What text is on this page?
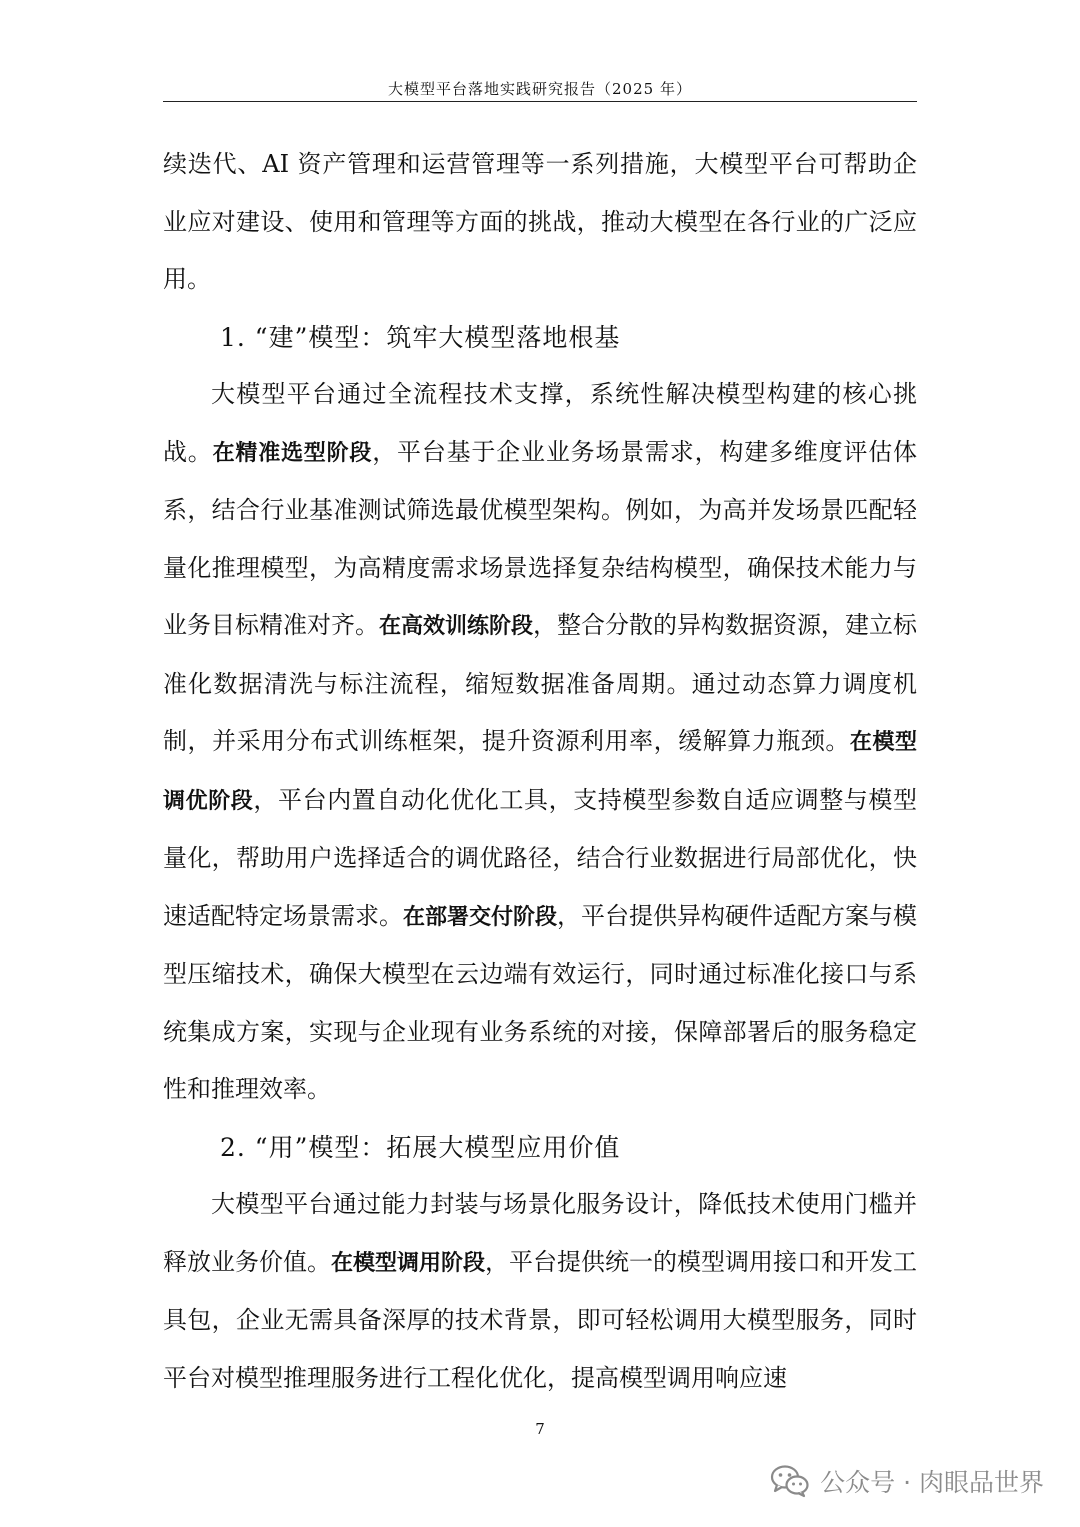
大模型平台落地实践研究报告（2025 年）

续迭代、AI 资产管理和运营管理等一系列措施，大模型平台可帮助企业应对建设、使用和管理等方面的挑战，推动大模型在各行业的广泛应用。

1. “建”模型：筑牢大模型落地根基

大模型平台通过全流程技术支撑，系统性解决模型构建的核心挑战。在精准选型阶段，平台基于企业业务场景需求，构建多维度评估体系，结合行业基准测试筛选最优模型架构。例如，为高并发场景匹配轻量化推理模型，为高精度需求场景选择复杂结构模型，确保技术能力与业务目标精准对齐。在高效训练阶段，整合分散的异构数据资源，建立标准化数据清洗与标注流程，缩短数据准备周期。通过动态算力调度机制，并采用分布式训练框架，提升资源利用率，缓解算力瓶颈。在模型调优阶段，平台内置自动化优化工具，支持模型参数自适应调整与模型量化，帮助用户选择适合的调优路径，结合行业数据进行局部优化，快速适配特定场景需求。在部署交付阶段，平台提供异构硬件适配方案与模型压缩技术，确保大模型在云边端有效运行，同时通过标准化接口与系统集成方案，实现与企业现有业务系统的对接，保障部署后的服务稳定性和推理效率。

2. “用”模型：拓展大模型应用价值

大模型平台通过能力封装与场景化服务设计，降低技术使用门槛并释放业务价值。在模型调用阶段，平台提供统一的模型调用接口和开发工具包，企业无需具备深厚的技术背景，即可轻松调用大模型服务，同时平台对模型推理服务进行工程化优化，提高模型调用响应速

7
公众号 · 肉眼品世界
